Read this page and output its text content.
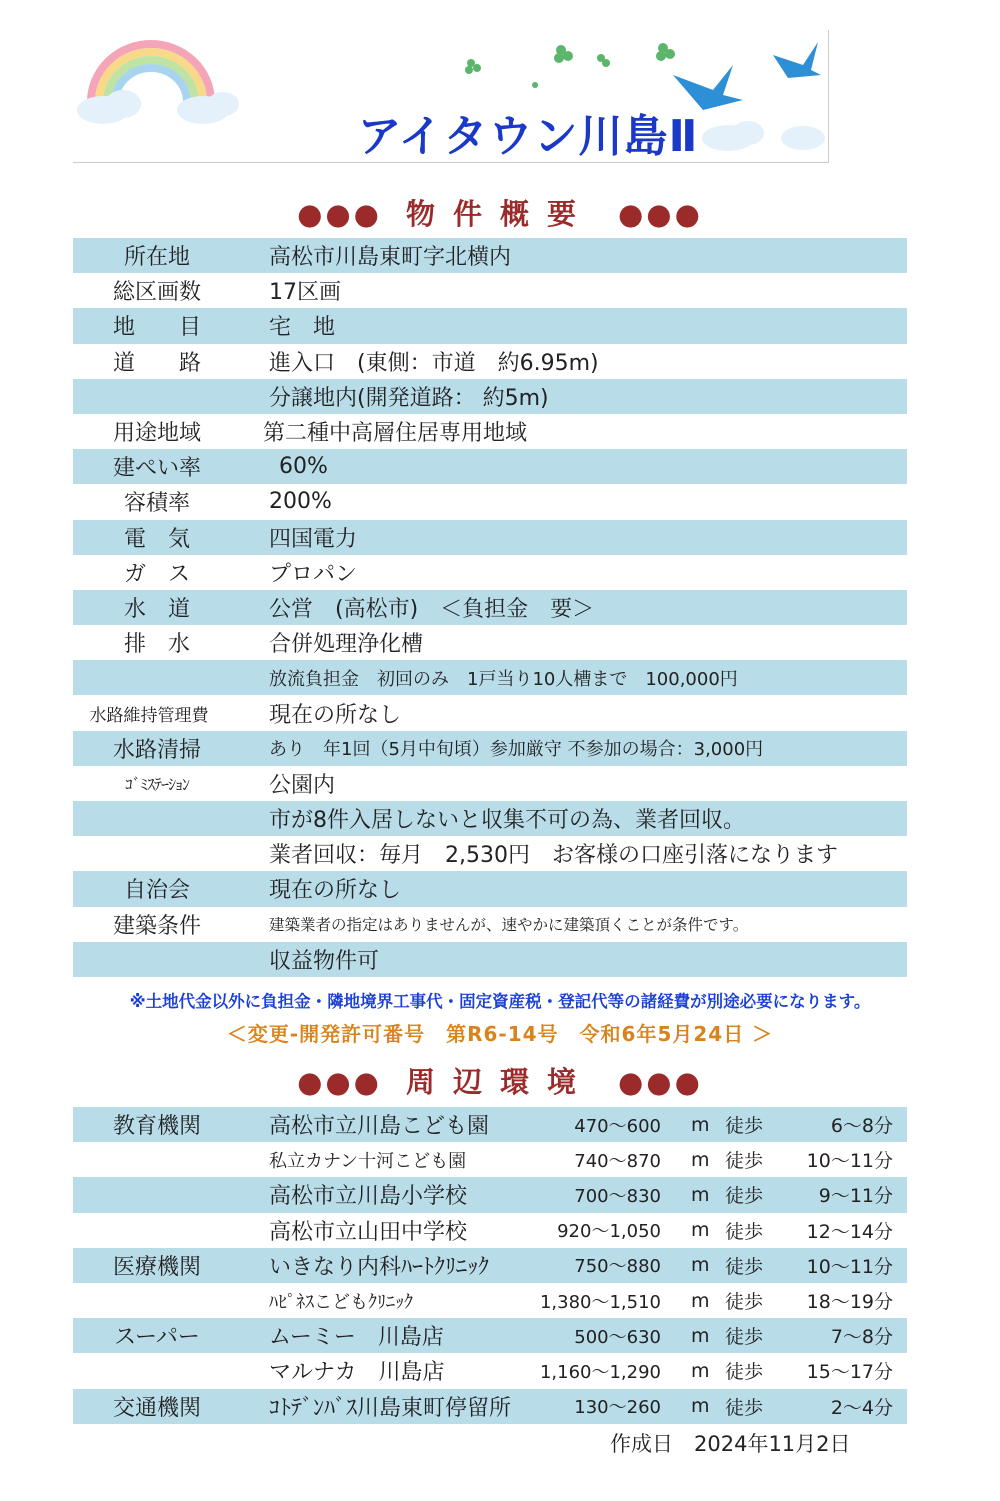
アイタウン川島Ⅱ
●●● 物件概要 ●●●
所在地	高松市川島東町字北横内
総区画数	17区画
地　　目	宅　地
道　　路	進入口　(東側：市道　約6.95m)
分譲地内(開発道路： 約5m)
用途地域	第二種中高層住居専用地域
建ぺい率	60%
容積率	200%
電　気	四国電力
ガ　ス	プロパン
水　道	公営　(高松市)　＜負担金　要＞
排　水	合併処理浄化槽
放流負担金　初回のみ　1戸当り10人槽まで　100,000円
水路維持管理費	現在の所なし
水路清掃	あり　年1回（5月中旬頃）参加厳守 不参加の場合：3,000円
ｺﾞﾐｽﾃｰｼｮﾝ	公園内
市が8件入居しないと収集不可の為、業者回収。
業者回収：毎月　2,530円　お客様の口座引落になります
自治会	現在の所なし
建築条件	建築業者の指定はありませんが、速やかに建築頂くことが条件です。
収益物件可
※土地代金以外に負担金・隣地境界工事代・固定資産税・登記代等の諸経費が別途必要になります。
＜変更-開発許可番号　第R6-14号　令和6年5月24日 ＞
●●● 周辺環境 ●●●
教育機関	高松市立川島こども園	470～600 m 徒歩	6～8分
私立カナン十河こども園	740～870 m 徒歩 10～11分
高松市立川島小学校	700～830 m 徒歩	9～11分
高松市立山田中学校	920～1,050 m 徒歩 12～14分
医療機関	いきなり内科ﾊｰﾄｸﾘﾆｯｸ	750～880 m 徒歩 10～11分
ﾊﾋﾟﾈｽこどもｸﾘﾆｯｸ	1,380～1,510 m 徒歩 18～19分
スーパー	ムーミー　川島店	500～630 m 徒歩	7～8分
マルナカ　川島店	1,160～1,290 m 徒歩 15～17分
交通機関	ｺﾄﾃﾞﾝﾊﾞｽ川島東町停留所	130～260 m 徒歩	2～4分
作成日　2024年11月2日
